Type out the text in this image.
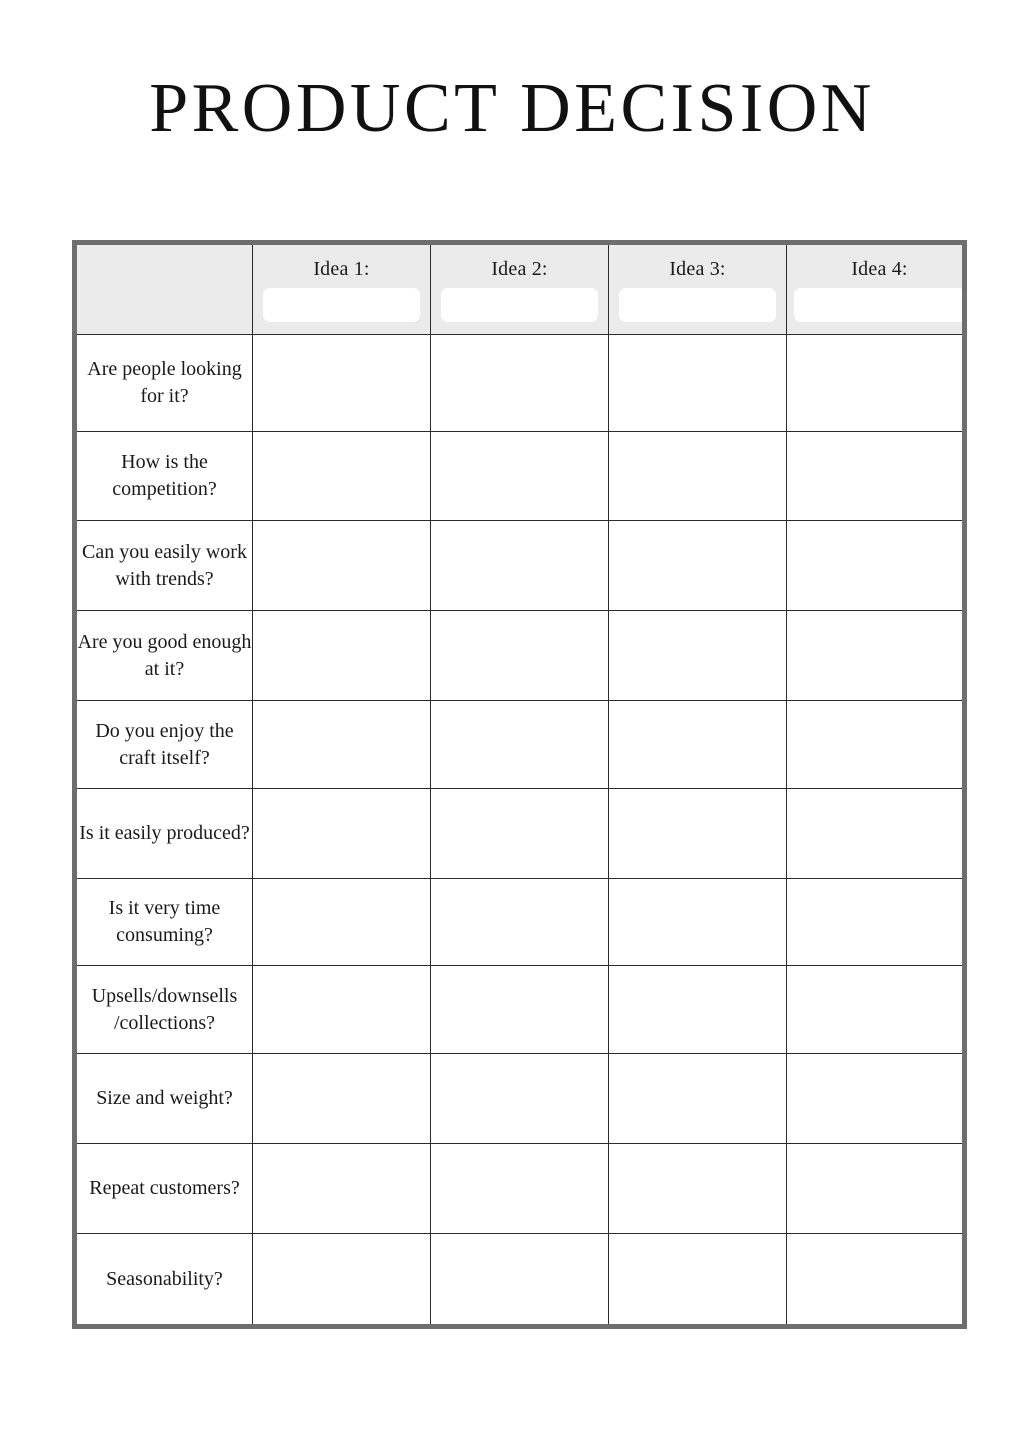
PRODUCT DECISION

	Idea 1:	Idea 2:	Idea 3:	Idea 4:

Are people looking for it?				
How is the competition?				
Can you easily work with trends?				
Are you good enough at it?				
Do you enjoy the craft itself?				
Is it easily produced?				
Is it very time consuming?				
Upsells/downsells /collections?				
Size and weight?				
Repeat customers?				
Seasonability?				
